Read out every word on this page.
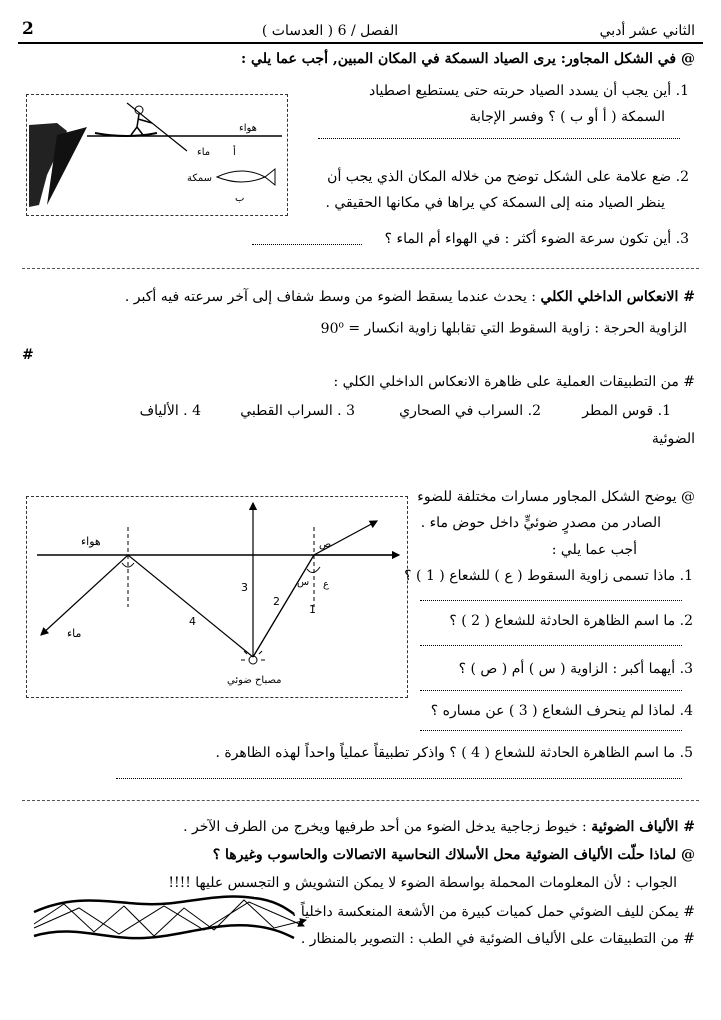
2	الفصل / 6 ( العدسات )	الثاني عشر أدبي
@ في الشكل المجاور: يرى الصياد السمكة في المكان المبين, أجب عما يلي :
هواء
ماء أ
سمكة
ب
1. أين يجب أن يسدد الصياد حربته حتى يستطيع اصطياد
السمكة ( أ أو ب ) ؟ وفسر الإجابة
2. ضع علامة على الشكل توضح من خلاله المكان الذي يجب أن
ينظر الصياد منه إلى السمكة كي يراها في مكانها الحقيقي .
3. أين تكون سرعة الضوء أكثر : في الهواء أم الماء ؟
# الانعكاس الداخلي الكلي : يحدث عندما يسقط الضوء من وسط شفاف إلى آخر سرعته فيه أكبر .
الزاوية الحرجة : زاوية السقوط التي تقابلها زاوية انكسار = $90^o$
#
# من التطبيقات العملية على ظاهرة الانعكاس الداخلي الكلي :
1. قوس المطر
2. السراب في الصحاري
3 . السراب القطبي
4 . الألياف
الضوئية
هواء
ماء
مصباح ضوئي
3
2
1
4
س
ص
ع
@ يوضح الشكل المجاور مسارات مختلفة للضوء
الصادر من مصدرٍ ضوئيٍّ داخل حوض ماء .
أجب عما يلي :
1. ماذا تسمى زاوية السقوط ( ع ) للشعاع ( 1 ) ؟
2. ما اسم الظاهرة الحادثة للشعاع ( 2 ) ؟
3. أيهما أكبر : الزاوية ( س ) أم ( ص ) ؟
4. لماذا لم ينحرف الشعاع ( 3 ) عن مساره ؟
5. ما اسم الظاهرة الحادثة للشعاع ( 4 ) ؟ واذكر تطبيقاً عملياً واحداً لهذه الظاهرة .
# الألياف الضوئية : خيوط زجاجية يدخل الضوء من أحد طرفيها ويخرج من الطرف الآخر .
@ لماذا حلّت الألياف الضوئية محل الأسلاك النحاسية الاتصالات والحاسوب وغيرها ؟
الجواب : لأن المعلومات المحملة بواسطة الضوء لا يمكن التشويش و التجسس عليها !!!!
# يمكن لليف الضوئي حمل كميات كبيرة من الأشعة المنعكسة داخلياً .
# من التطبيقات على الألياف الضوئية في الطب : التصوير بالمنظار .
